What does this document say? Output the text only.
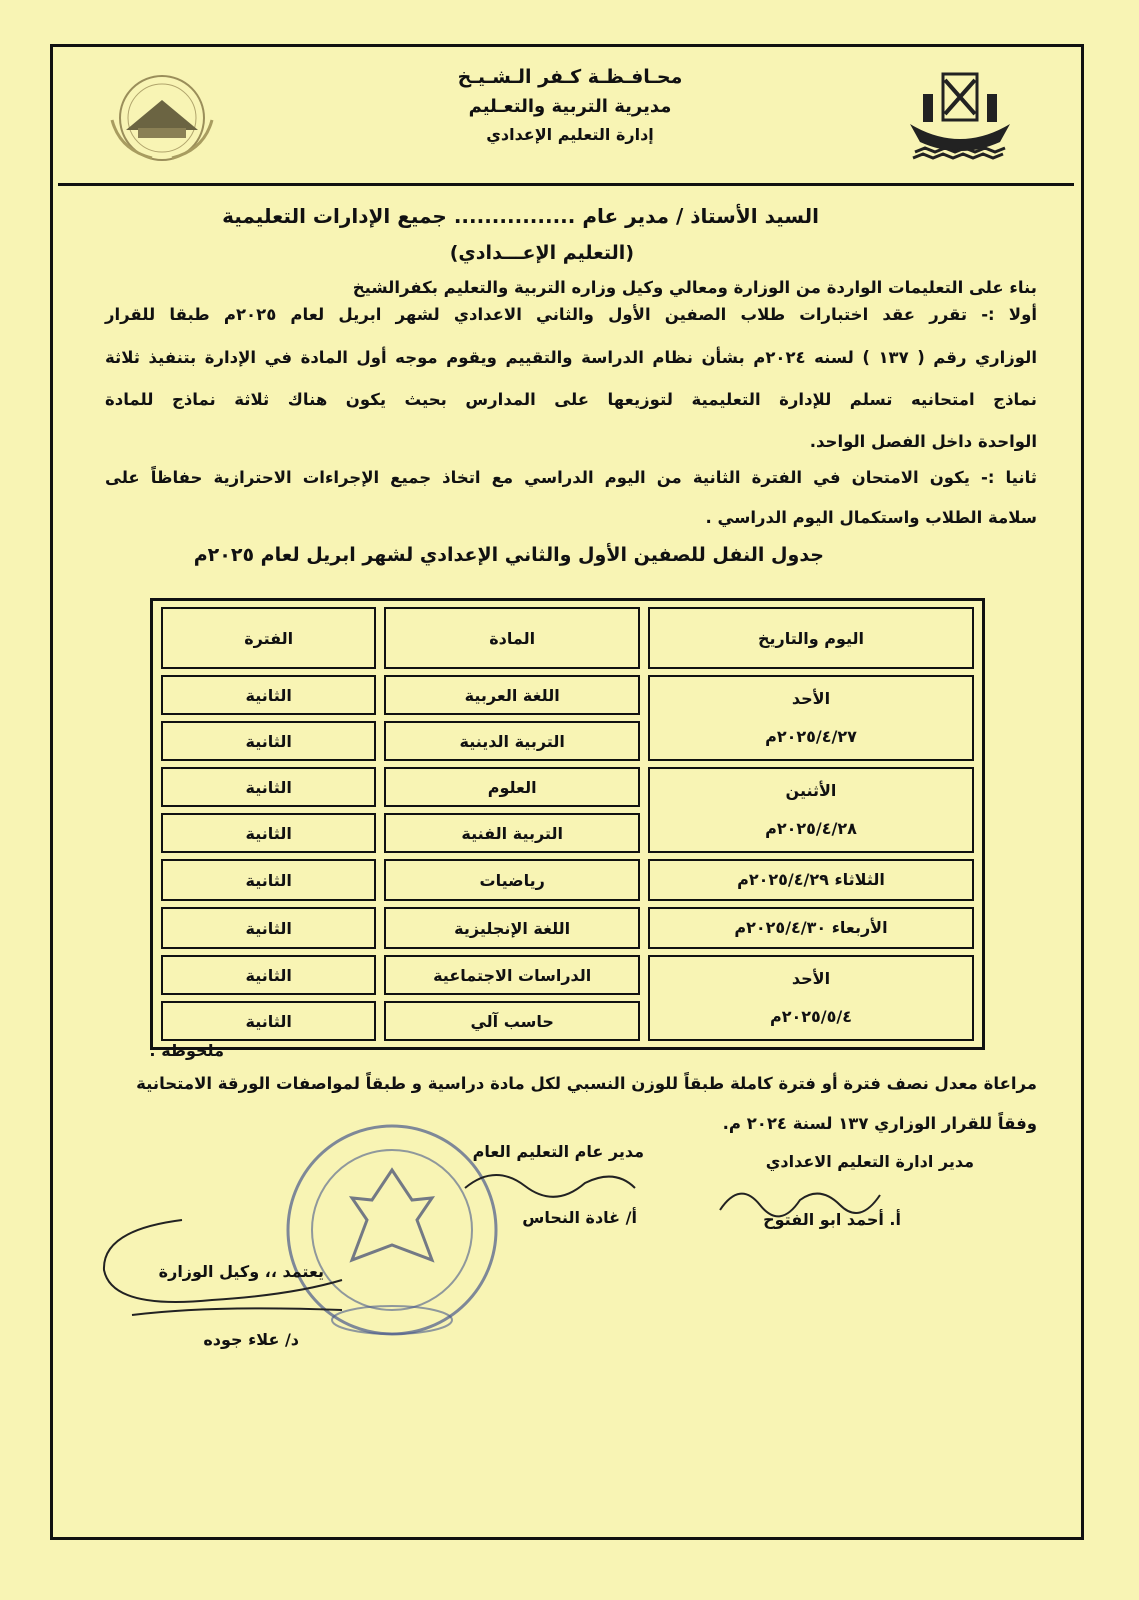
محـافـظـة كـفر الـشـيـخ
مديرية التربية والتعـليم
إدارة التعليم الإعدادي
السيد الأستاذ / مدير عام ................ جميع الإدارات التعليمية
(التعليم الإعـــدادي)
بناء على التعليمات الواردة من الوزارة ومعالي وكيل وزاره التربية والتعليم بكفرالشيخ
أولا :- تقرر عقد اختبارات طلاب الصفين الأول والثاني الاعدادي لشهر ابريل لعام ٢٠٢٥م طبقا للقرار
الوزاري رقم ( ١٣٧ ) لسنه ٢٠٢٤م بشأن نظام الدراسة والتقييم ويقوم موجه أول المادة في الإدارة بتنفيذ ثلاثة
نماذج امتحانيه تسلم للإدارة التعليمية لتوزيعها على المدارس بحيث يكون هناك ثلاثة نماذج للمادة
الواحدة داخل الفصل الواحد.
ثانيا :- يكون الامتحان في الفترة الثانية من اليوم الدراسي مع اتخاذ جميع الإجراءات الاحترازية حفاظاً على
سلامة الطلاب واستكمال اليوم الدراسي .
جدول النفل للصفين الأول والثاني الإعدادي لشهر ابريل لعام ٢٠٢٥م
اليوم والتاريخ	المادة	الفترة

الأحد
٢٠٢٥/٤/٢٧م	اللغة العربية	الثانية
	التربية الدينية	الثانية

الأثنين
٢٠٢٥/٤/٢٨م	العلوم	الثانية
	التربية الفنية	الثانية
الثلاثاء ٢٠٢٥/٤/٢٩م	رياضيات	الثانية
الأربعاء ٢٠٢٥/٤/٣٠م	اللغة الإنجليزية	الثانية

الأحد
٢٠٢٥/٥/٤م	الدراسات الاجتماعية	الثانية
	حاسب آلي	الثانية
ملحوظة :
مراعاة معدل نصف فترة أو فترة كاملة طبقاً للوزن النسبي لكل مادة دراسية و طبقاً لمواصفات الورقة الامتحانية
وفقاً للقرار الوزاري ١٣٧ لسنة ٢٠٢٤ م.
مدير ادارة التعليم الاعدادي
أ. أحمد ابو الفتوح
مدير عام التعليم العام
أ/ غادة النحاس
يعتمد ،، وكيل الوزارة
د/ علاء جوده
